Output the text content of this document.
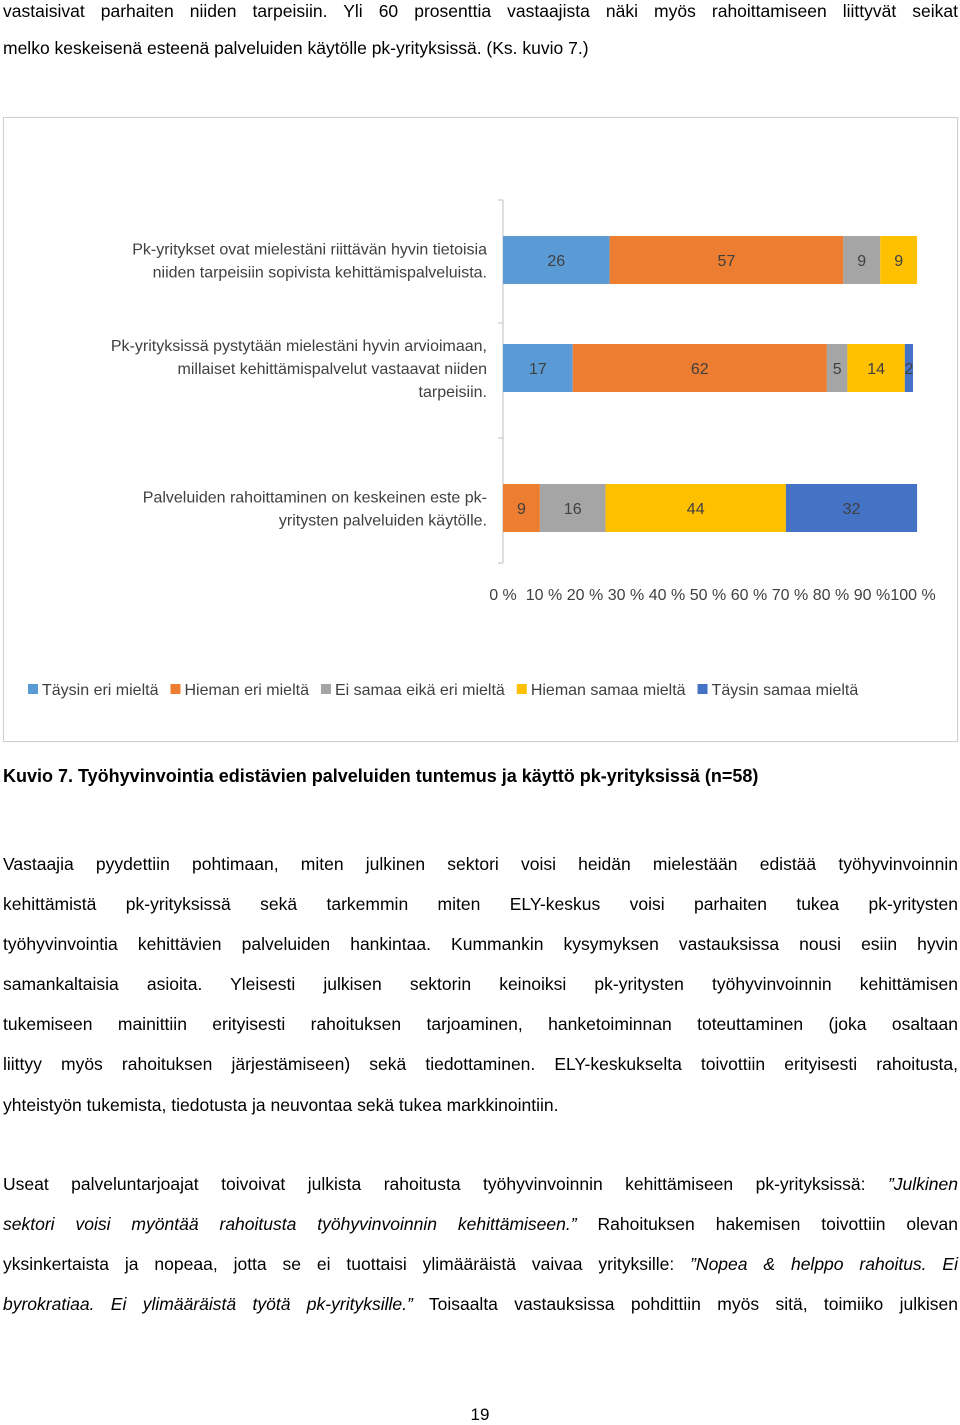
vastaisivat parhaiten niiden tarpeisiin. Yli 60 prosenttia vastaajista näki myös rahoittamiseen liittyvät seikat
melko keskeisenä esteenä palveluiden käytölle pk-yrityksissä. (Ks. kuvio 7.)
26	57	9 9
Pk-yritykset ovat mielestäni riittävän hyvin tietoisia
niiden tarpeisiin sopivista kehittämispalveluista.
17	62	5 14 2
Pk-yrityksissä pystytään mielestäni hyvin arvioimaan,
millaiset kehittämispalvelut vastaavat niiden
tarpeisiin.
9 16	44	32
Palveluiden rahoittaminen on keskeinen este pk-
yritysten palveluiden käytölle.
0 % 10 % 20 % 30 % 40 % 50 % 60 % 70 % 80 % 90 % 100 %
Täysin eri mieltä Hieman eri mieltä Ei samaa eikä eri mieltä Hieman samaa mieltä Täysin samaa mieltä
Kuvio 7. Työhyvinvointia edistävien palveluiden tuntemus ja käyttö pk-yrityksissä (n=58)
Vastaajia pyydettiin pohtimaan, miten julkinen sektori voisi heidän mielestään edistää työhyvinvoinnin
kehittämistä pk-yrityksissä sekä tarkemmin miten ELY-keskus voisi parhaiten tukea pk-yritysten
työhyvinvointia kehittävien palveluiden hankintaa. Kummankin kysymyksen vastauksissa nousi esiin hyvin
samankaltaisia asioita. Yleisesti julkisen sektorin keinoiksi pk-yritysten työhyvinvoinnin kehittämisen
tukemiseen mainittiin erityisesti rahoituksen tarjoaminen, hanketoiminnan toteuttaminen (joka osaltaan
liittyy myös rahoituksen järjestämiseen) sekä tiedottaminen. ELY-keskukselta toivottiin erityisesti rahoitusta,
yhteistyön tukemista, tiedotusta ja neuvontaa sekä tukea markkinointiin.
Useat palveluntarjoajat toivoivat julkista rahoitusta työhyvinvoinnin kehittämiseen pk-yrityksissä: ”Julkinen
sektori voisi myöntää rahoitusta työhyvinvoinnin kehittämiseen.” Rahoituksen hakemisen toivottiin olevan
yksinkertaista ja nopeaa, jotta se ei tuottaisi ylimääräistä vaivaa yrityksille: ”Nopea & helppo rahoitus. Ei
byrokratiaa. Ei ylimääräistä työtä pk-yrityksille.” Toisaalta vastauksissa pohdittiin myös sitä, toimiiko julkisen
19
